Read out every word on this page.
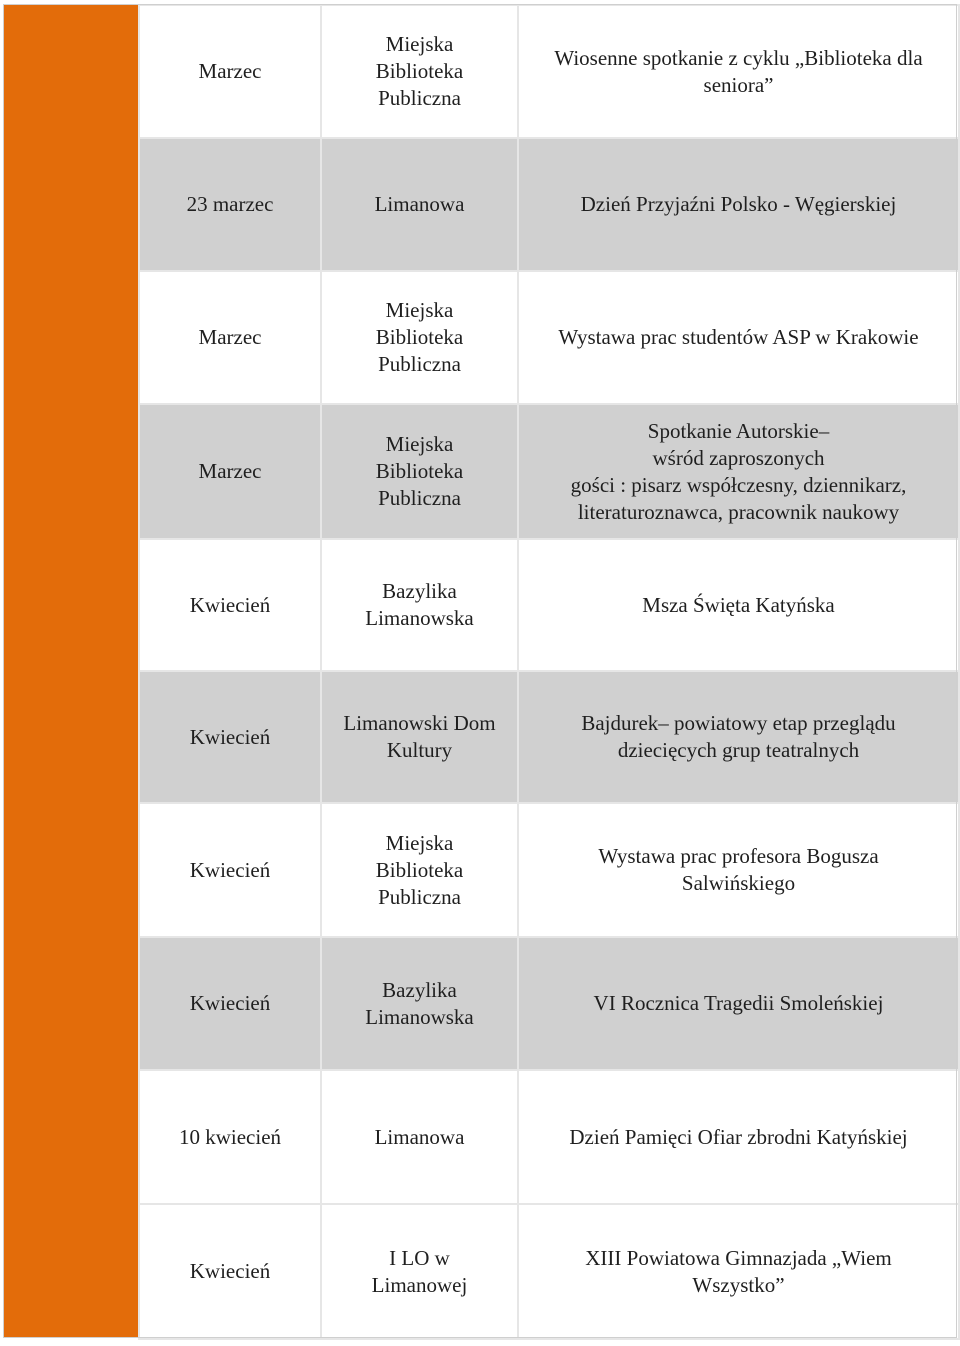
Marzec	Miejska
Biblioteka
Publiczna	Wiosenne spotkanie z cyklu „Biblioteka dla
seniora”
23 marzec	Limanowa	Dzień Przyjaźni Polsko - Węgierskiej
Marzec	Miejska
Biblioteka
Publiczna	Wystawa prac studentów ASP w Krakowie
Marzec	Miejska
Biblioteka
Publiczna	Spotkanie Autorskie–
wśród zaproszonych
gości : pisarz współczesny, dziennikarz,
literaturoznawca, pracownik naukowy
Kwiecień	Bazylika
Limanowska	Msza Święta Katyńska
Kwiecień	Limanowski Dom
Kultury	Bajdurek– powiatowy etap przeglądu
dziecięcych grup teatralnych
Kwiecień	Miejska
Biblioteka
Publiczna	Wystawa prac profesora Bogusza
Salwińskiego
Kwiecień	Bazylika
Limanowska	VI Rocznica Tragedii Smoleńskiej
10 kwiecień	Limanowa	Dzień Pamięci Ofiar zbrodni Katyńskiej
Kwiecień	I LO w
Limanowej	XIII Powiatowa Gimnazjada „Wiem
Wszystko”
